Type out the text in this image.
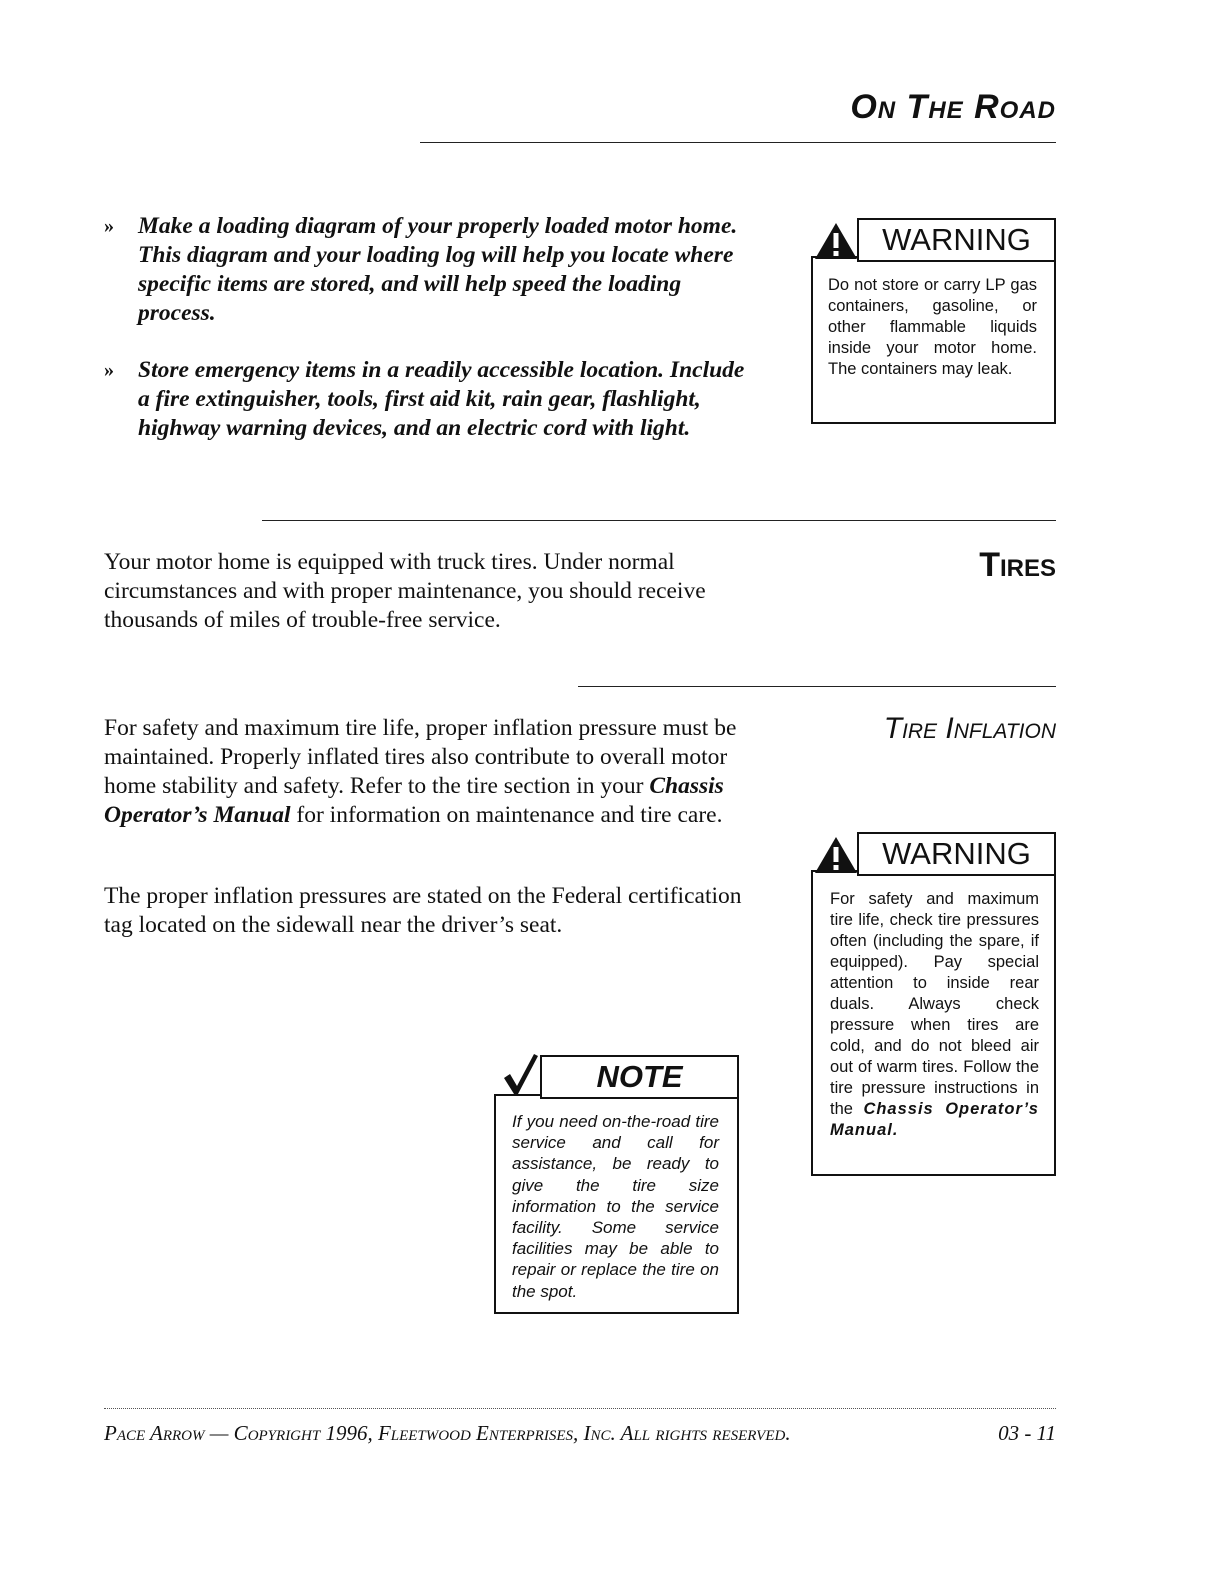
On The Road
»	Make a loading diagram of your properly loaded motor home. This diagram and your loading log will help you locate where specific items are stored, and will help speed the loading process.
»	Store emergency items in a readily accessible location. Include a fire extinguisher, tools, first aid kit, rain gear, flashlight, highway warning devices, and an electric cord with light.
WARNING
Do not store or carry LP gas containers, gasoline, or other flammable liquids inside your motor home. The containers may leak.
Tires

Your motor home is equipped with truck tires. Under normal circumstances and with proper maintenance, you should receive thousands of miles of trouble-free service.

Tire Inflation

For safety and maximum tire life, proper inflation pressure must be maintained. Properly inflated tires also contribute to overall motor home stability and safety. Refer to the tire section in your Chassis Operator’s Manual for information on maintenance and tire care.

The proper inflation pressures are stated on the Federal certification tag located on the sidewall near the driver’s seat.

WARNING
For safety and maximum tire life, check tire pressures often (including the spare, if equipped). Pay special attention to inside rear duals. Always check pressure when tires are cold, and do not bleed air out of warm tires. Follow the tire pressure instructions in the Chassis Operator’s Manual.
NOTE
If you need on-the-road tire service and call for assistance, be ready to give the tire size information to the service facility. Some service facilities may be able to repair or replace the tire on the spot.
Pace Arrow — Copyright 1996, Fleetwood Enterprises, Inc. All rights reserved.	03 - 11
